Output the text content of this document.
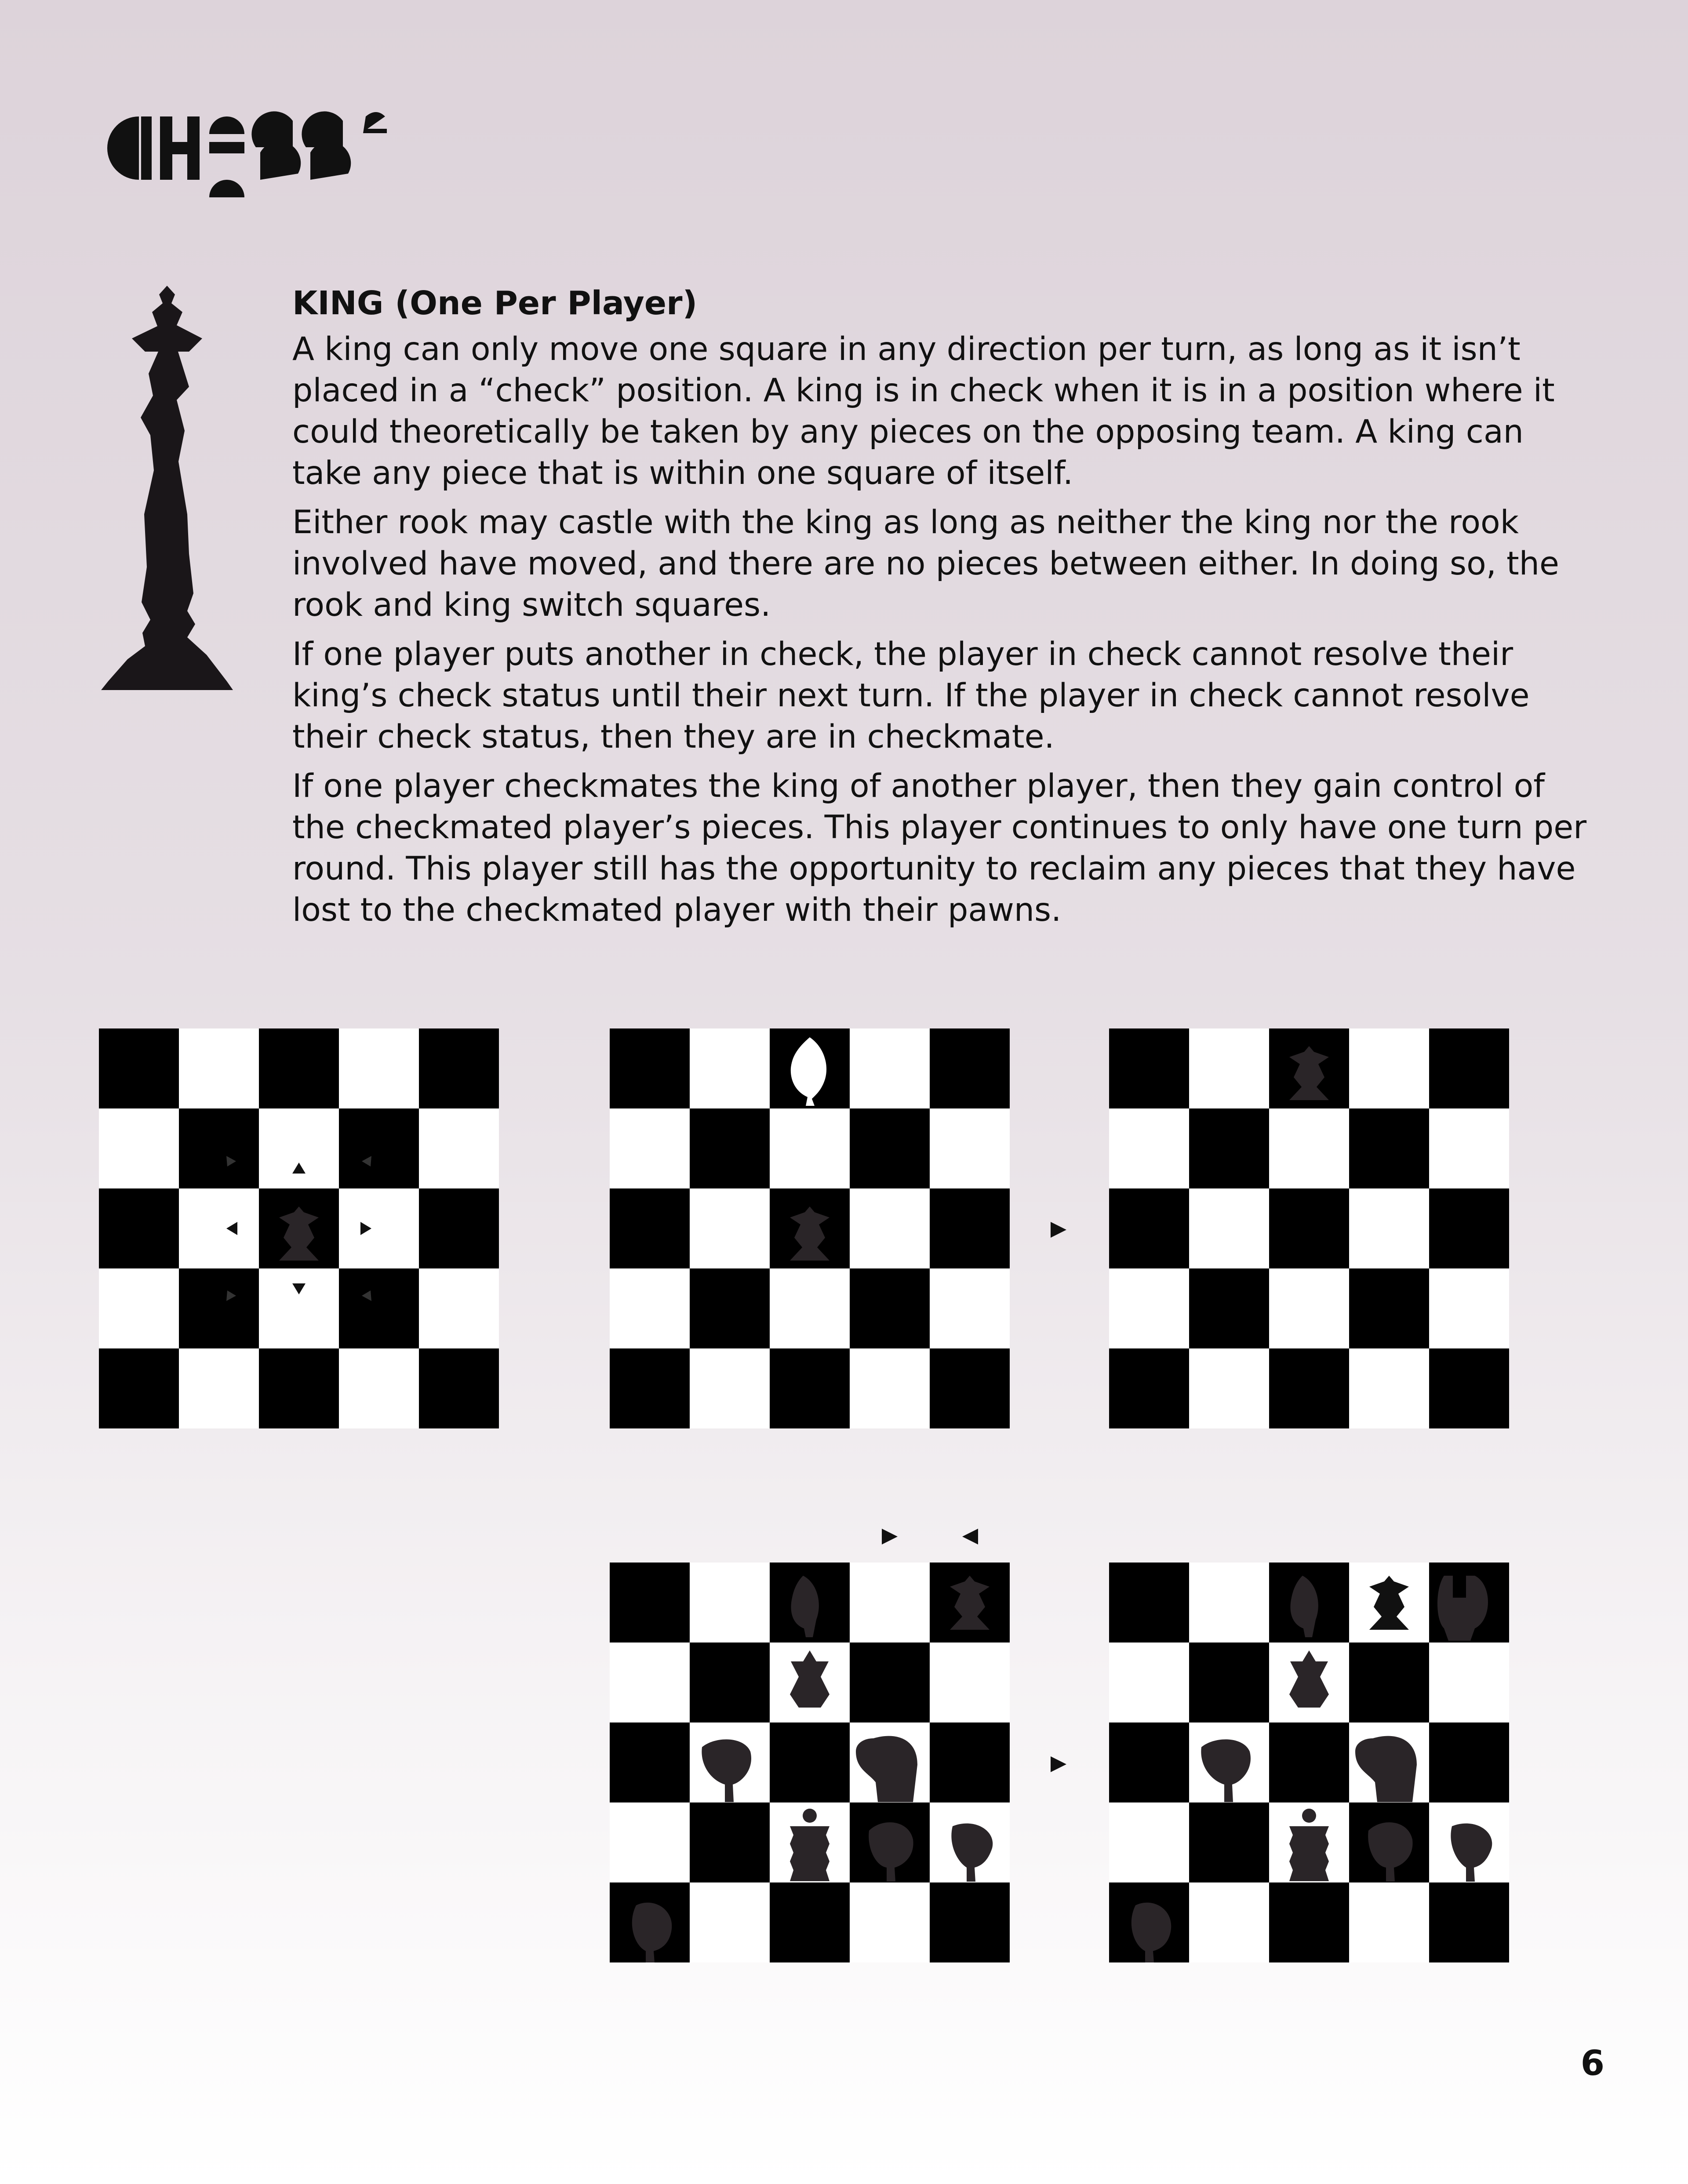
KING (One Per Player)

A king can only move one square in any direction per turn, as long as it isn’t placed in a “check” position. A king is in check when it is in a position where it could theoretically be taken by any pieces on the opposing team. A king can take any piece that is within one square of itself.

Either rook may castle with the king as long as neither the king nor the rook involved have moved, and there are no pieces between either. In doing so, the rook and king switch squares.

If one player puts another in check, the player in check cannot resolve their king’s check status until their next turn. If the player in check cannot resolve their check status, then they are in checkmate.

If one player checkmates the king of another player, then they gain control of the checkmated player’s pieces. This player continues to only have one turn per round. This player still has the opportunity to reclaim any pieces that they have lost to the checkmated player with their pawns.

6
